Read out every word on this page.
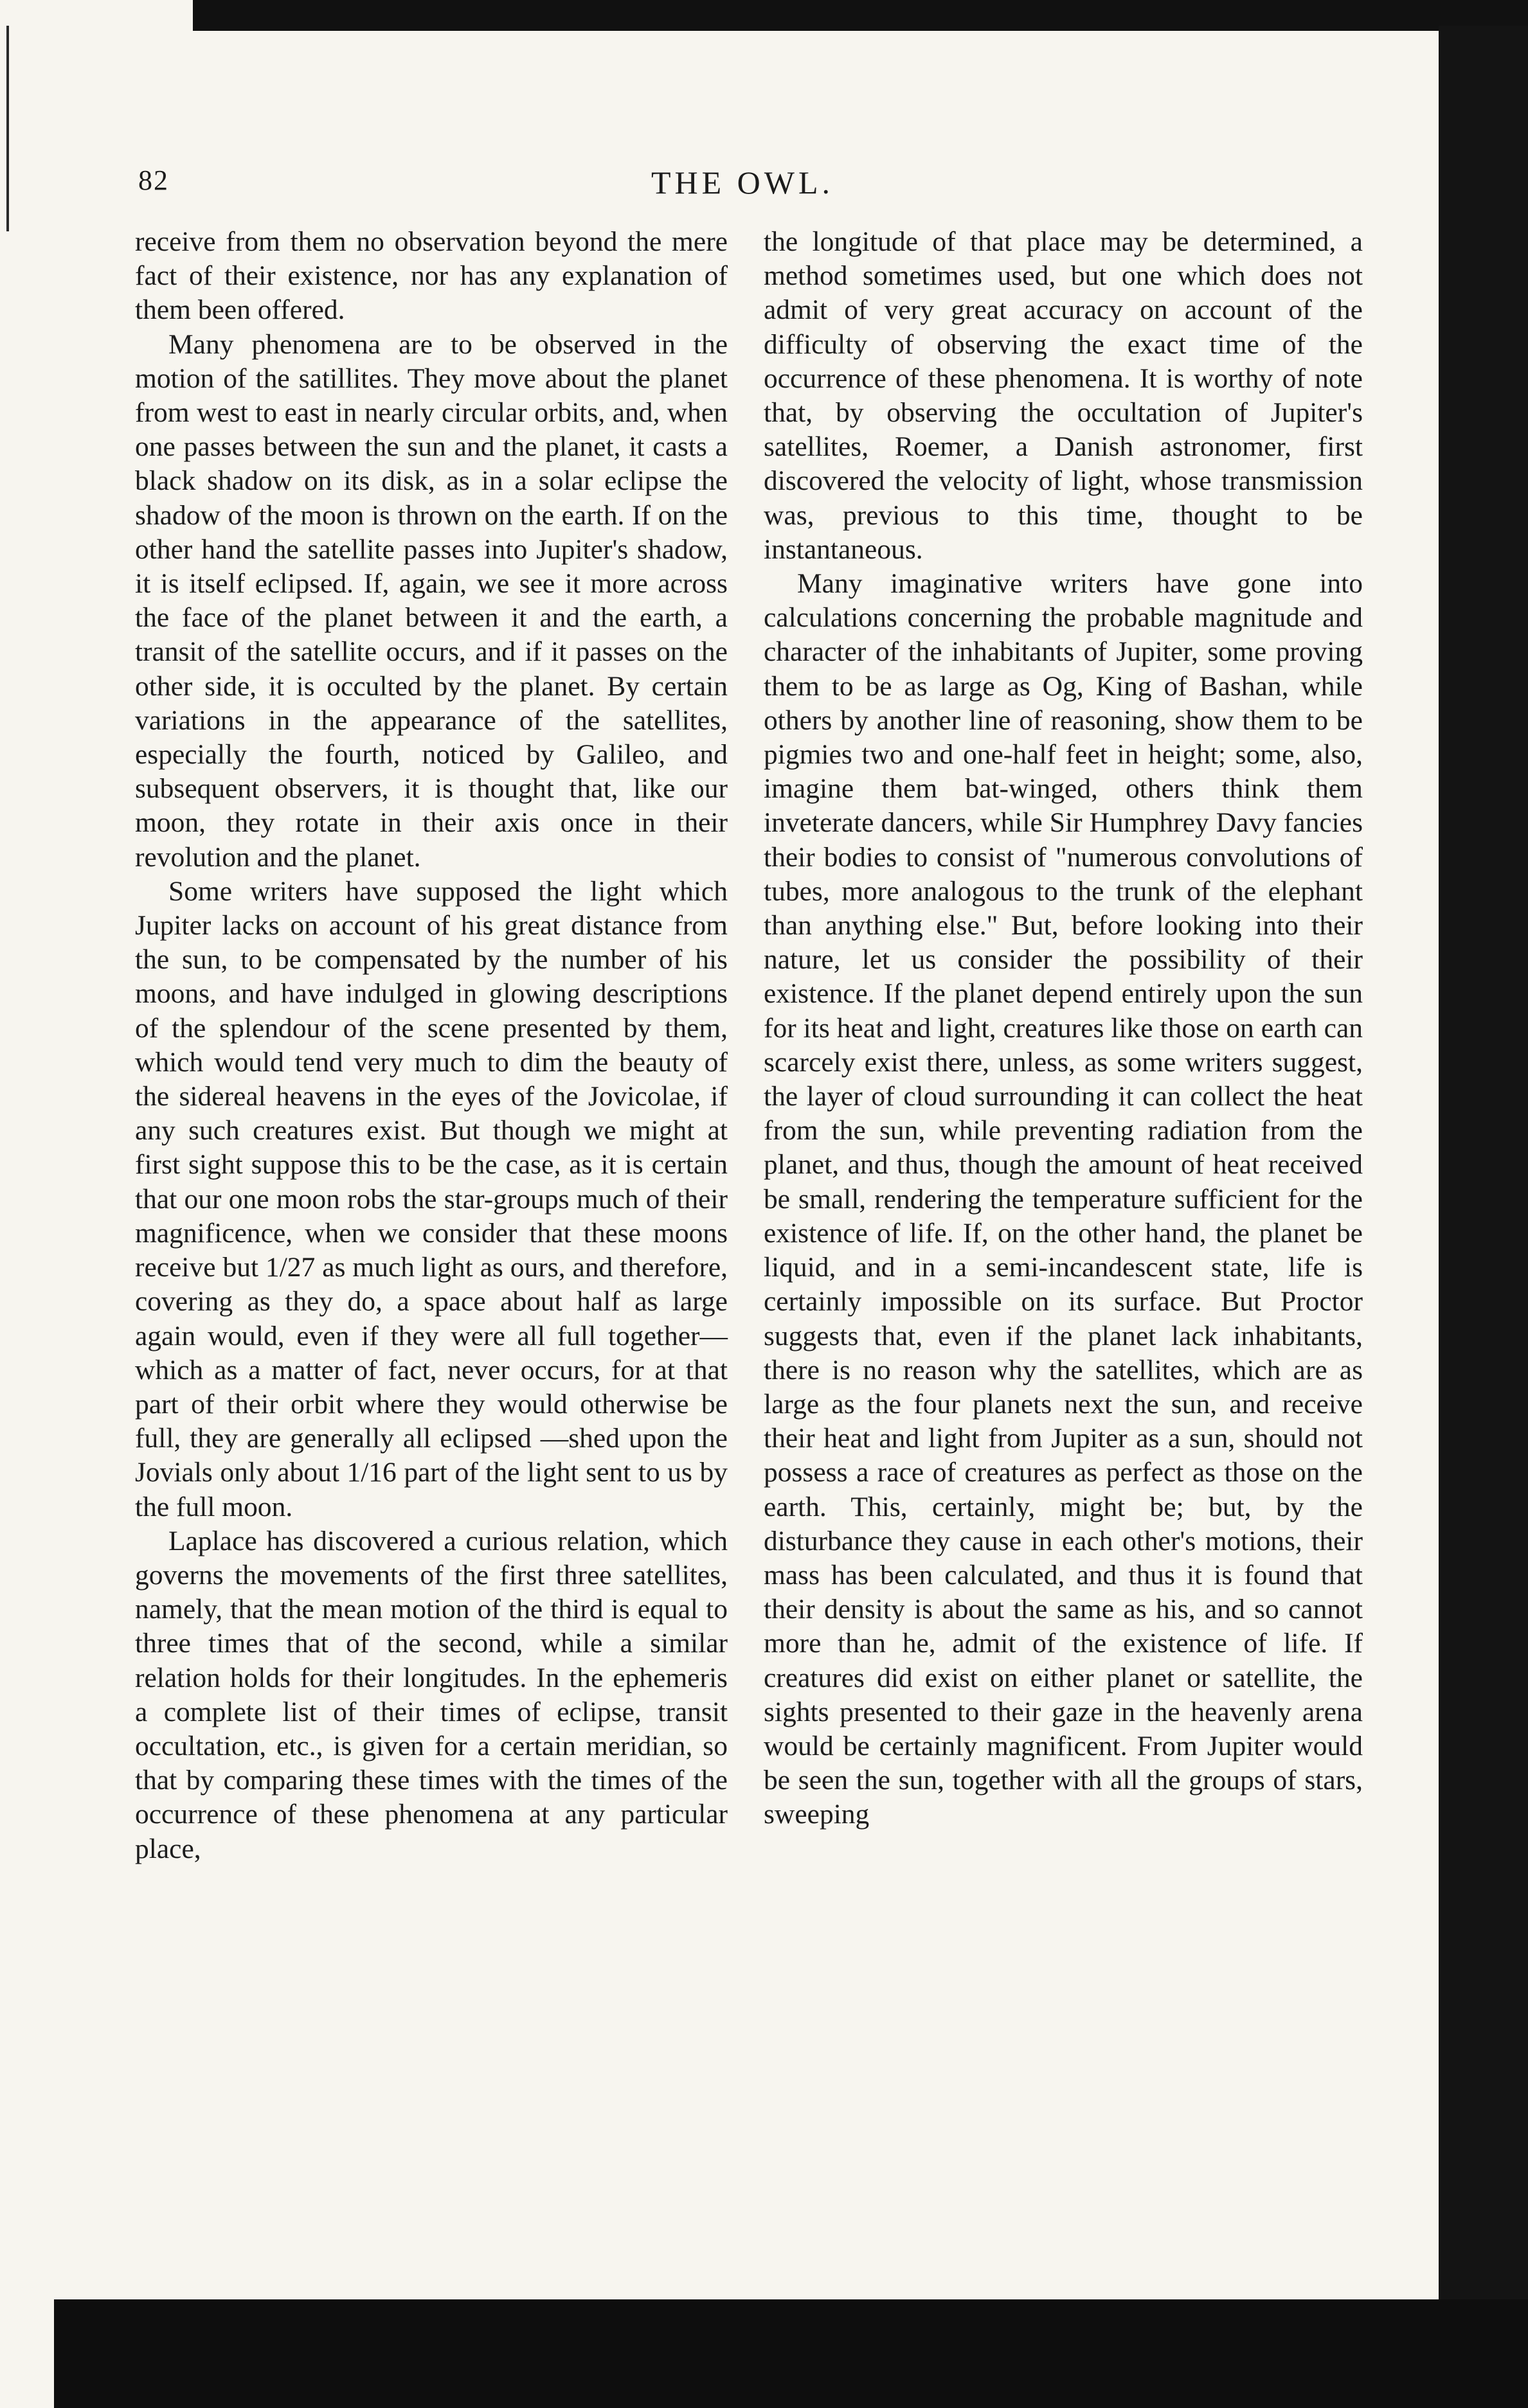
82	THE OWL.

receive from them no observation beyond the mere fact of their existence, nor has any explanation of them been offered.

Many phenomena are to be observed in the motion of the satillites. They move about the planet from west to east in nearly circular orbits, and, when one passes between the sun and the planet, it casts a black shadow on its disk, as in a solar eclipse the shadow of the moon is thrown on the earth. If on the other hand the satellite passes into Jupiter's shadow, it is itself eclipsed. If, again, we see it more across the face of the planet between it and the earth, a transit of the satellite occurs, and if it passes on the other side, it is occulted by the planet. By certain variations in the appearance of the satellites, especially the fourth, noticed by Galileo, and subsequent observers, it is thought that, like our moon, they rotate in their axis once in their revolution and the planet.

Some writers have supposed the light which Jupiter lacks on account of his great distance from the sun, to be compensated by the number of his moons, and have indulged in glowing descriptions of the splendour of the scene presented by them, which would tend very much to dim the beauty of the sidereal heavens in the eyes of the Jovicolae, if any such creatures exist. But though we might at first sight suppose this to be the case, as it is certain that our one moon robs the star-groups much of their magnificence, when we consider that these moons receive but 1/27 as much light as ours, and therefore, covering as they do, a space about half as large again would, even if they were all full together—which as a matter of fact, never occurs, for at that part of their orbit where they would otherwise be full, they are generally all eclipsed —shed upon the Jovials only about 1/16 part of the light sent to us by the full moon.

Laplace has discovered a curious relation, which governs the movements of the first three satellites, namely, that the mean motion of the third is equal to three times that of the second, while a similar relation holds for their longitudes. In the ephemeris a complete list of their times of eclipse, transit occultation, etc., is given for a certain meridian, so that by comparing these times with the times of the occurrence of these phenomena at any particular place,

the longitude of that place may be determined, a method sometimes used, but one which does not admit of very great accuracy on account of the difficulty of observing the exact time of the occurrence of these phenomena. It is worthy of note that, by observing the occultation of Jupiter's satellites, Roemer, a Danish astronomer, first discovered the velocity of light, whose transmission was, previous to this time, thought to be instantaneous.

Many imaginative writers have gone into calculations concerning the probable magnitude and character of the inhabitants of Jupiter, some proving them to be as large as Og, King of Bashan, while others by another line of reasoning, show them to be pigmies two and one-half feet in height; some, also, imagine them bat-winged, others think them inveterate dancers, while Sir Humphrey Davy fancies their bodies to consist of "numerous convolutions of tubes, more analogous to the trunk of the elephant than anything else." But, before looking into their nature, let us consider the possibility of their existence. If the planet depend entirely upon the sun for its heat and light, creatures like those on earth can scarcely exist there, unless, as some writers suggest, the layer of cloud surrounding it can collect the heat from the sun, while preventing radiation from the planet, and thus, though the amount of heat received be small, rendering the temperature sufficient for the existence of life. If, on the other hand, the planet be liquid, and in a semi-incandescent state, life is certainly impossible on its surface. But Proctor suggests that, even if the planet lack inhabitants, there is no reason why the satellites, which are as large as the four planets next the sun, and receive their heat and light from Jupiter as a sun, should not possess a race of creatures as perfect as those on the earth. This, certainly, might be; but, by the disturbance they cause in each other's motions, their mass has been calculated, and thus it is found that their density is about the same as his, and so cannot more than he, admit of the existence of life. If creatures did exist on either planet or satellite, the sights presented to their gaze in the heavenly arena would be certainly magnificent. From Jupiter would be seen the sun, together with all the groups of stars, sweeping
